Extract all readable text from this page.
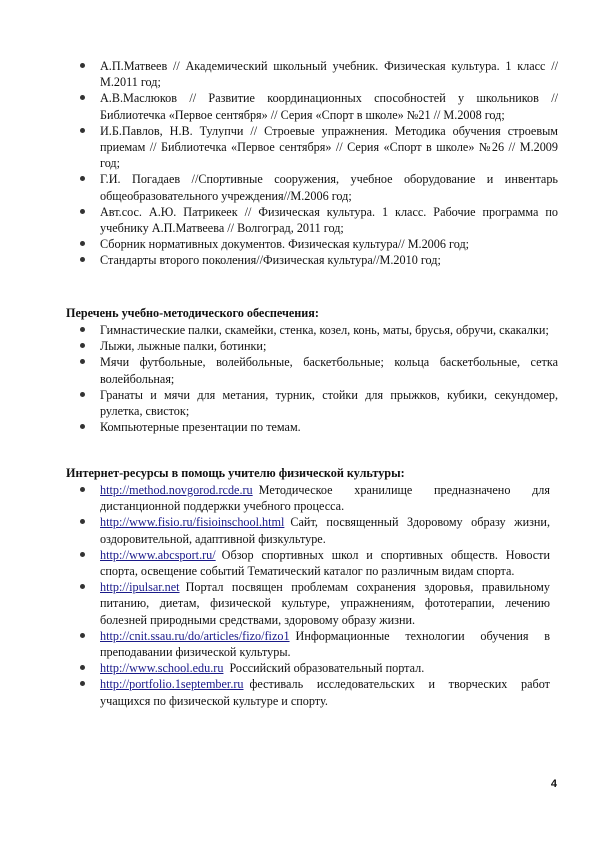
А.П.Матвеев // Академический школьный учебник. Физическая культура. 1 класс // М.2011 год;
А.В.Маслюков // Развитие координационных способностей у школьников // Библиотечка «Первое сентября» // Серия «Спорт в школе» №21 // М.2008 год;
И.Б.Павлов, Н.В. Тулупчи // Строевые упражнения. Методика обучения строевым приемам // Библиотечка «Первое сентября» // Серия «Спорт в школе» №26 // М.2009 год;
Г.И. Погадаев //Спортивные сооружения, учебное оборудование и инвентарь общеобразовательного учреждения//М.2006 год;
Авт.сос. А.Ю. Патрикеек // Физическая культура. 1 класс. Рабочие программа по учебнику А.П.Матвеева // Волгоград, 2011 год;
Сборник нормативных документов. Физическая культура// М.2006 год;
Стандарты второго поколения//Физическая культура//М.2010 год;
Перечень учебно-методического обеспечения:
Гимнастические палки, скамейки, стенка, козел, конь, маты, брусья, обручи, скакалки;
Лыжи, лыжные палки, ботинки;
Мячи футбольные, волейбольные, баскетбольные; кольца баскетбольные, сетка волейбольная;
Гранаты и мячи для метания, турник, стойки для прыжков, кубики, секундомер, рулетка, свисток;
Компьютерные презентации по темам.
Интернет-ресурсы в помощь учителю физической культуры:
http://method.novgorod.rcde.ru Методическое хранилище предназначено для дистанционной поддержки учебного процесса.
http://www.fisio.ru/fisioinschool.html Сайт, посвященный Здоровому образу жизни, оздоровительной, адаптивной физкультуре.
http://www.abcsport.ru/ Обзор спортивных школ и спортивных обществ. Новости спорта, освещение событий Тематический каталог по различным видам спорта.
http://ipulsar.net Портал посвящен проблемам сохранения здоровья, правильному питанию, диетам, физической культуре, упражнениям, фототерапии, лечению болезней природными средствами, здоровому образу жизни.
http://cnit.ssau.ru/do/articles/fizo/fizo1 Информационные технологии обучения в преподавании физической культуры.
http://www.school.edu.ru Российский образовательный портал.
http://portfolio.1september.ru фестиваль исследовательских и творческих работ учащихся по физической культуре и спорту.
4
